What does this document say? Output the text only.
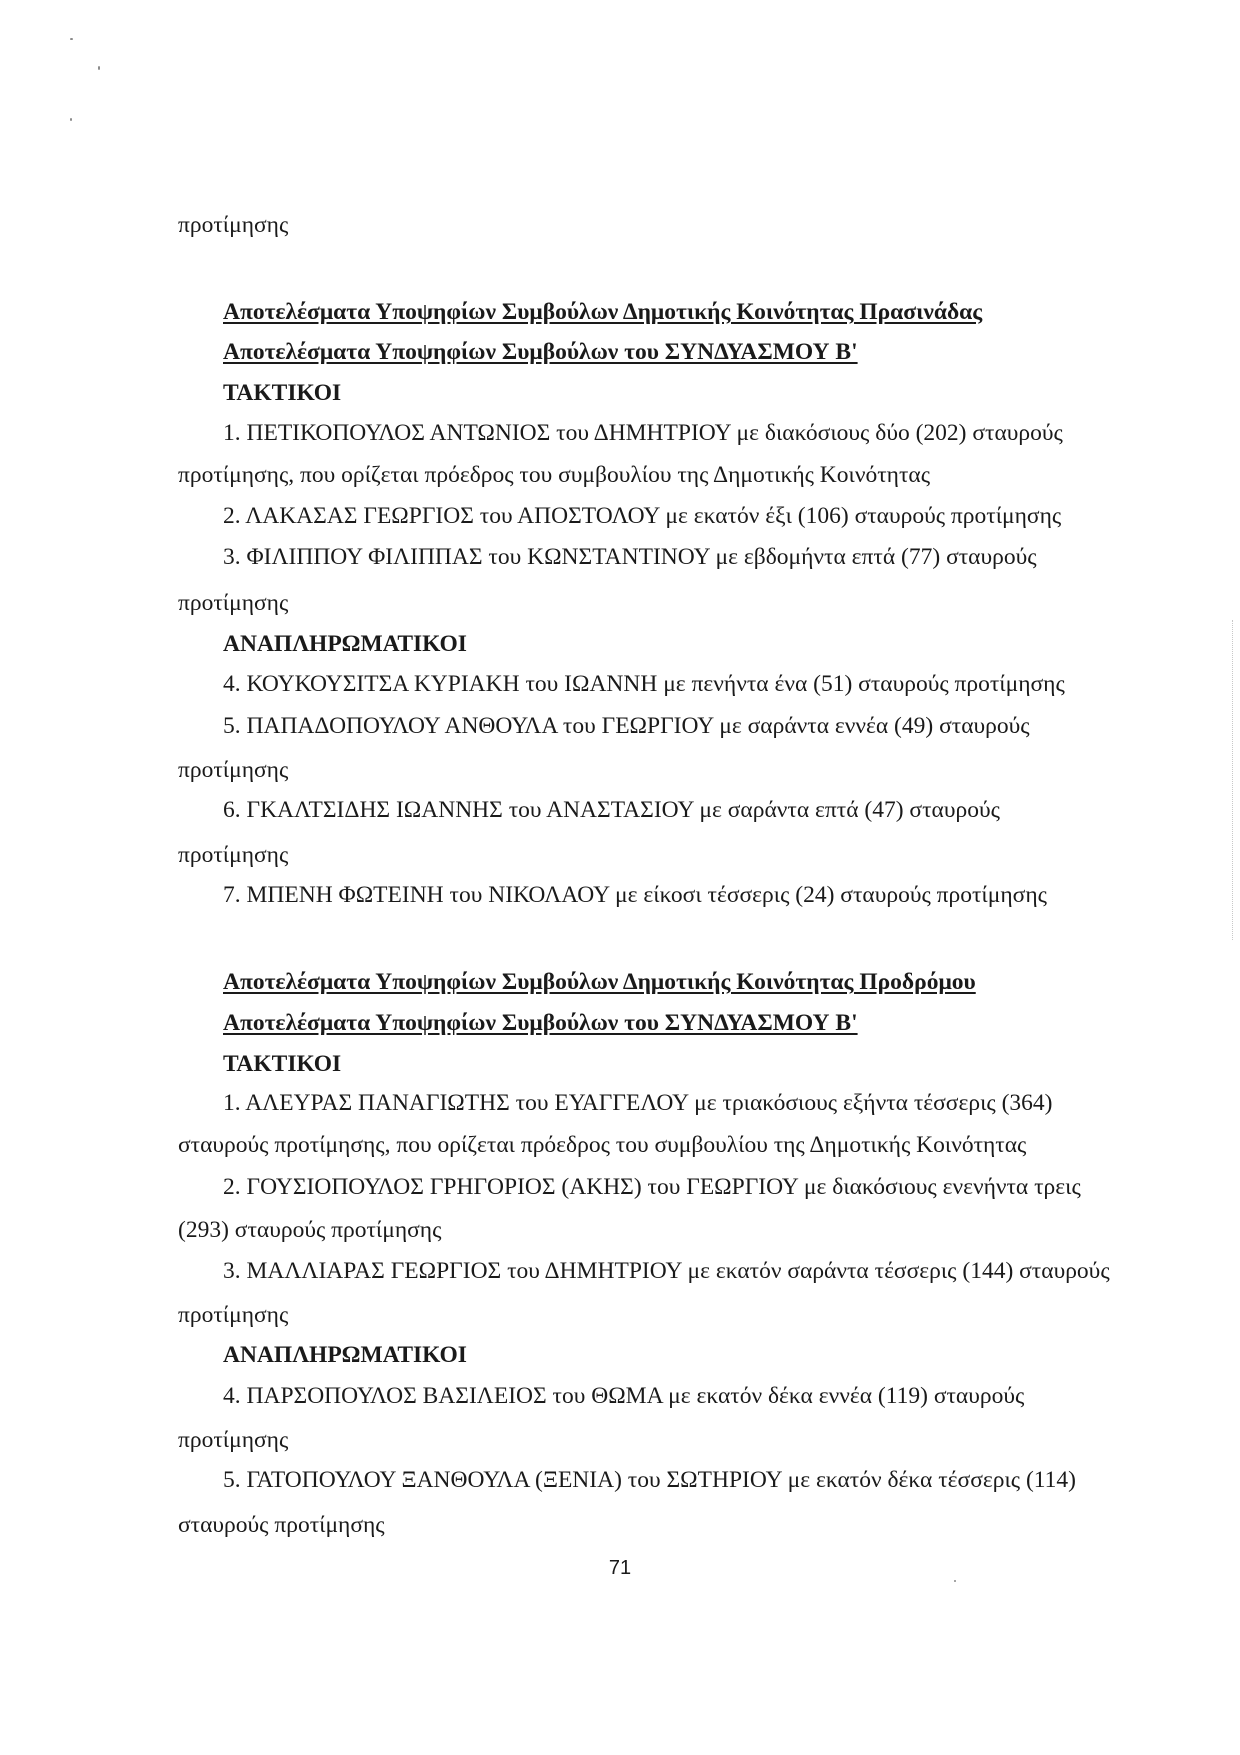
προτίμησης
Αποτελέσματα Υποψηφίων Συμβούλων Δημοτικής Κοινότητας Πρασινάδας
Αποτελέσματα Υποψηφίων Συμβούλων του ΣΥΝΔΥΑΣΜΟΥ Β'
ΤΑΚΤΙΚΟΙ
1. ΠΕΤΙΚΟΠΟΥΛΟΣ ΑΝΤΩΝΙΟΣ του ΔΗΜΗΤΡΙΟΥ με διακόσιους δύο (202) σταυρούς
προτίμησης, που ορίζεται πρόεδρος του συμβουλίου της Δημοτικής Κοινότητας
2. ΛΑΚΑΣΑΣ ΓΕΩΡΓΙΟΣ του ΑΠΟΣΤΟΛΟΥ με εκατόν έξι (106) σταυρούς προτίμησης
3. ΦΙΛΙΠΠΟΥ ΦΙΛΙΠΠΑΣ του ΚΩΝΣΤΑΝΤΙΝΟΥ με εβδομήντα επτά (77) σταυρούς
προτίμησης
ΑΝΑΠΛΗΡΩΜΑΤΙΚΟΙ
4. ΚΟΥΚΟΥΣΙΤΣΑ ΚΥΡΙΑΚΗ του ΙΩΑΝΝΗ με πενήντα ένα (51) σταυρούς προτίμησης
5. ΠΑΠΑΔΟΠΟΥΛΟΥ ΑΝΘΟΥΛΑ του ΓΕΩΡΓΙΟΥ με σαράντα εννέα (49) σταυρούς
προτίμησης
6. ΓΚΑΛΤΣΙΔΗΣ ΙΩΑΝΝΗΣ του ΑΝΑΣΤΑΣΙΟΥ με σαράντα επτά (47) σταυρούς
προτίμησης
7. ΜΠΕΝΗ ΦΩΤΕΙΝΗ του ΝΙΚΟΛΑΟΥ με είκοσι τέσσερις (24) σταυρούς προτίμησης
Αποτελέσματα Υποψηφίων Συμβούλων Δημοτικής Κοινότητας Προδρόμου
Αποτελέσματα Υποψηφίων Συμβούλων του ΣΥΝΔΥΑΣΜΟΥ Β'
ΤΑΚΤΙΚΟΙ
1. ΑΛΕΥΡΑΣ ΠΑΝΑΓΙΩΤΗΣ του ΕΥΑΓΓΕΛΟΥ με τριακόσιους εξήντα τέσσερις (364)
σταυρούς προτίμησης, που ορίζεται πρόεδρος του συμβουλίου της Δημοτικής Κοινότητας
2. ΓΟΥΣΙΟΠΟΥΛΟΣ ΓΡΗΓΟΡΙΟΣ (ΑΚΗΣ) του ΓΕΩΡΓΙΟΥ με διακόσιους ενενήντα τρεις
(293) σταυρούς προτίμησης
3. ΜΑΛΛΙΑΡΑΣ ΓΕΩΡΓΙΟΣ του ΔΗΜΗΤΡΙΟΥ με εκατόν σαράντα τέσσερις (144) σταυρούς
προτίμησης
ΑΝΑΠΛΗΡΩΜΑΤΙΚΟΙ
4. ΠΑΡΣΟΠΟΥΛΟΣ ΒΑΣΙΛΕΙΟΣ του ΘΩΜΑ με εκατόν δέκα εννέα (119) σταυρούς
προτίμησης
5. ΓΑΤΟΠΟΥΛΟΥ ΞΑΝΘΟΥΛΑ (ΞΕΝΙΑ) του ΣΩΤΗΡΙΟΥ με εκατόν δέκα τέσσερις (114)
σταυρούς προτίμησης
71
